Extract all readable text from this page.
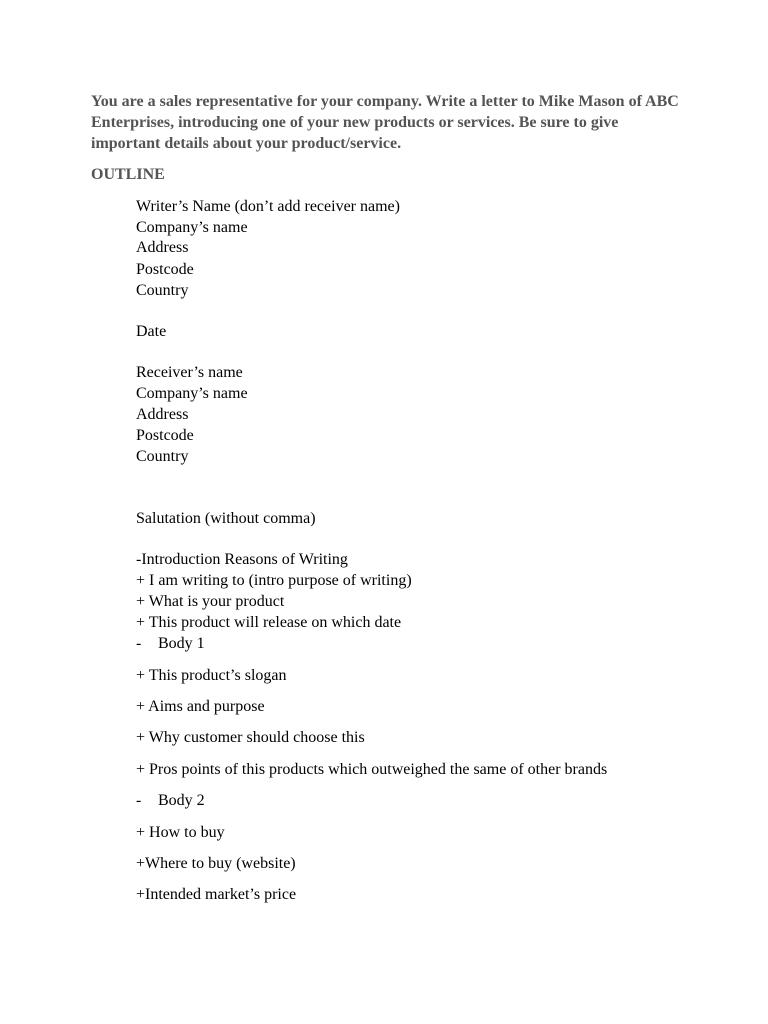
You are a sales representative for your company. Write a letter to Mike Mason of ABC Enterprises, introducing one of your new products or services. Be sure to give important details about your product/service.

OUTLINE
Writer’s Name (don’t add receiver name)
Company’s name
Address
Postcode
Country
Date
Receiver’s name
Company’s name
Address
Postcode
Country
Salutation (without comma)
-Introduction Reasons of Writing
+ I am writing to (intro purpose of writing)
+ What is your product
+ This product will release on which date
- Body 1
+ This product’s slogan
+ Aims and purpose
+ Why customer should choose this
+ Pros points of this products which outweighed the same of other brands
- Body 2
+ How to buy
+Where to buy (website)
+Intended market’s price
